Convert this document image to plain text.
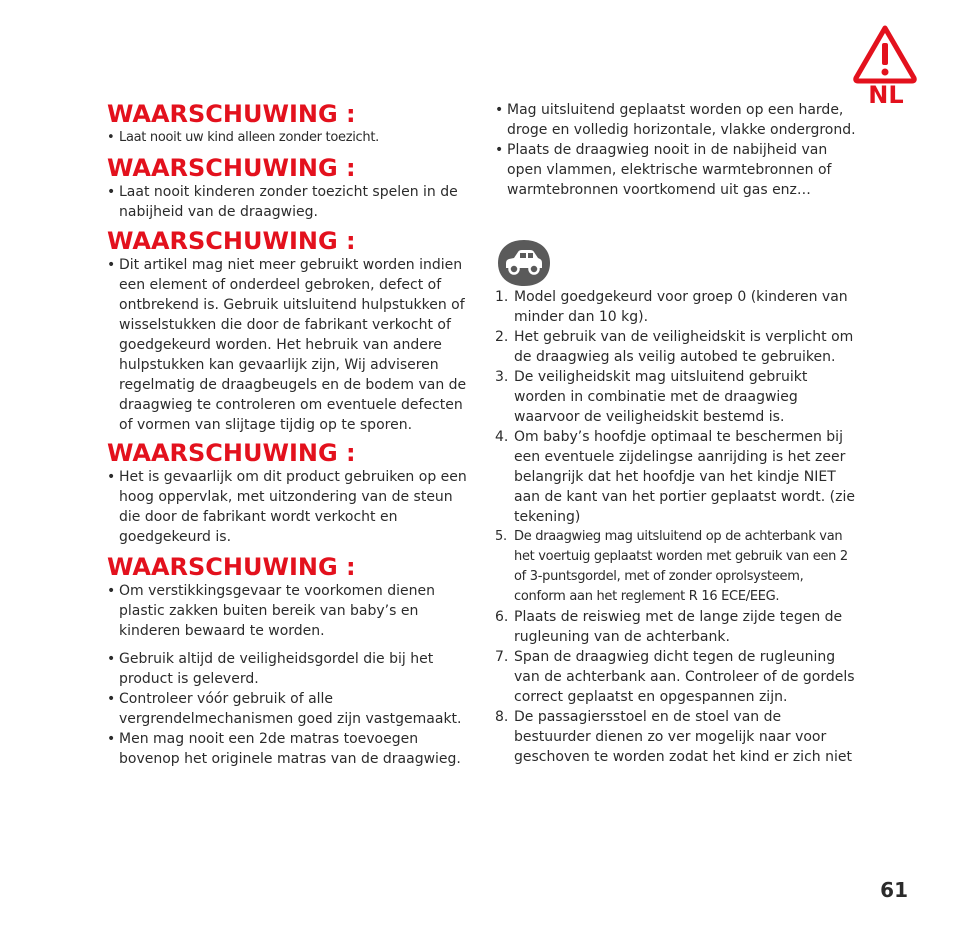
NL
WAARSCHUWING :
• Laat nooit uw kind alleen zonder toezicht.
WAARSCHUWING :
• Laat nooit kinderen zonder toezicht spelen in de nabijheid van de draagwieg.
WAARSCHUWING :
• Dit artikel mag niet meer gebruikt worden indien een element of onderdeel gebroken, defect of ontbrekend is. Gebruik uitsluitend hulpstukken of wisselstukken die door de fabrikant verkocht of goedgekeurd worden. Het hebruik van andere hulpstukken kan gevaarlijk zijn, Wij adviseren regelmatig de draagbeugels en de bodem van de draagwieg te controleren om eventuele defecten of vormen van slijtage tijdig op te sporen.
WAARSCHUWING :
• Het is gevaarlijk om dit product gebruiken op een hoog oppervlak, met uitzondering van de steun die door de fabrikant wordt verkocht en goedgekeurd is.
WAARSCHUWING :
• Om verstikkingsgevaar te voorkomen dienen plastic zakken buiten bereik van baby’s en kinderen bewaard te worden.
• Gebruik altijd de veiligheidsgordel die bij het product is geleverd.
• Controleer vóór gebruik of alle vergrendelmechanismen goed zijn vastgemaakt.
• Men mag nooit een 2de matras toevoegen bovenop het originele matras van de draagwieg.
• Mag uitsluitend geplaatst worden op een harde, droge en volledig horizontale, vlakke ondergrond.
• Plaats de draagwieg nooit in de nabijheid van open vlammen, elektrische warmtebronnen of warmtebronnen voortkomend uit gas enz…
1. Model goedgekeurd voor groep 0 (kinderen van minder dan 10 kg).
2. Het gebruik van de veiligheidskit is verplicht om de draagwieg als veilig autobed te gebruiken.
3. De veiligheidskit mag uitsluitend gebruikt worden in combinatie met de draagwieg waarvoor de veiligheidskit bestemd is.
4. Om baby’s hoofdje optimaal te beschermen bij een eventuele zijdelingse aanrijding is het zeer belangrijk dat het hoofdje van het kindje NIET aan de kant van het portier geplaatst wordt. (zie tekening)
5. De draagwieg mag uitsluitend op de achterbank van het voertuig geplaatst worden met gebruik van een 2 of 3-puntsgordel, met of zonder oprolsysteem, conform aan het reglement R 16 ECE/EEG.
6. Plaats de reiswieg met de lange zijde tegen de rugleuning van de achterbank.
7. Span de draagwieg dicht tegen de rugleuning van de achterbank aan. Controleer of de gordels correct geplaatst en opgespannen zijn.
8. De passagiersstoel en de stoel van de bestuurder dienen zo ver mogelijk naar voor geschoven te worden zodat het kind er zich niet
61
